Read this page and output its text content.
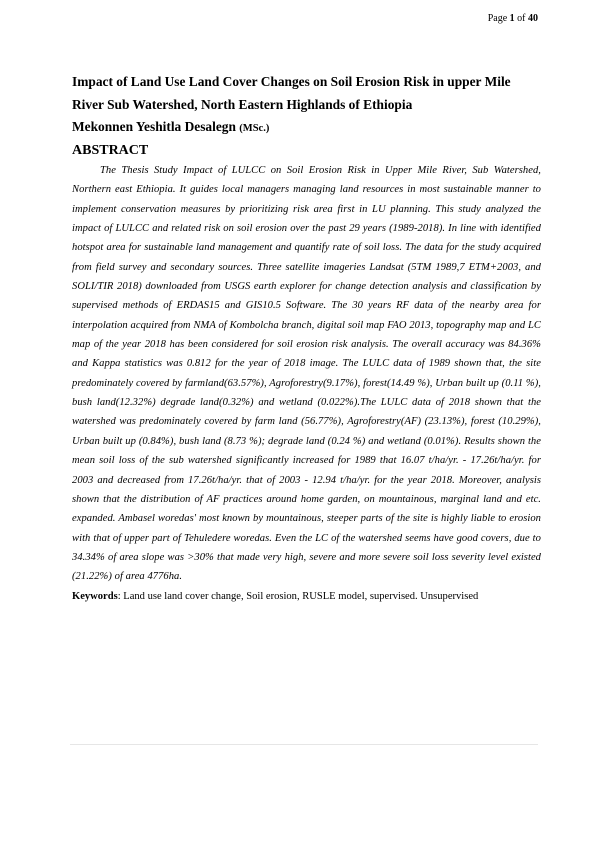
Page 1 of 40

Impact of Land Use Land Cover Changes on Soil Erosion Risk in upper Mile River Sub Watershed, North Eastern Highlands of Ethiopia

Mekonnen Yeshitla Desalegn (MSc.)

ABSTRACT

The Thesis Study Impact of LULCC on Soil Erosion Risk in Upper Mile River, Sub Watershed, Northern east Ethiopia. It guides local managers managing land resources in most sustainable manner to implement conservation measures by prioritizing risk area first in LU planning. This study analyzed the impact of LULCC and related risk on soil erosion over the past 29 years (1989-2018). In line with identified hotspot area for sustainable land management and quantify rate of soil loss. The data for the study acquired from field survey and secondary sources. Three satellite imageries Landsat (5TM 1989,7 ETM+2003, and SOLI/TIR 2018) downloaded from USGS earth explorer for change detection analysis and classification by supervised methods of ERDAS15 and GIS10.5 Software. The 30 years RF data of the nearby area for interpolation acquired from NMA of Kombolcha branch, digital soil map FAO 2013, topography map and LC map of the year 2018 has been considered for soil erosion risk analysis. The overall accuracy was 84.36% and Kappa statistics was 0.812 for the year of 2018 image. The LULC data of 1989 shown that, the site predominately covered by farmland(63.57%), Agroforestry(9.17%), forest(14.49 %), Urban built up (0.11 %), bush land(12.32%) degrade land(0.32%) and wetland (0.022%).The LULC data of 2018 shown that the watershed was predominately covered by farm land (56.77%), Agroforestry(AF) (23.13%), forest (10.29%), Urban built up (0.84%), bush land (8.73 %); degrade land (0.24 %) and wetland (0.01%). Results shown the mean soil loss of the sub watershed significantly increased for 1989 that 16.07 t/ha/yr. - 17.26t/ha/yr. for 2003 and decreased from 17.26t/ha/yr. that of 2003 - 12.94 t/ha/yr. for the year 2018. Moreover, analysis shown that the distribution of AF practices around home garden, on mountainous, marginal land and etc. expanded. Ambasel woredas' most known by mountainous, steeper parts of the site is highly liable to erosion with that of upper part of Tehuledere woredas. Even the LC of the watershed seems have good covers, due to 34.34% of area slope was >30% that made very high, severe and more severe soil loss severity level existed (21.22%) of area 4776ha.

Keywords: Land use land cover change, Soil erosion, RUSLE model, supervised. Unsupervised
